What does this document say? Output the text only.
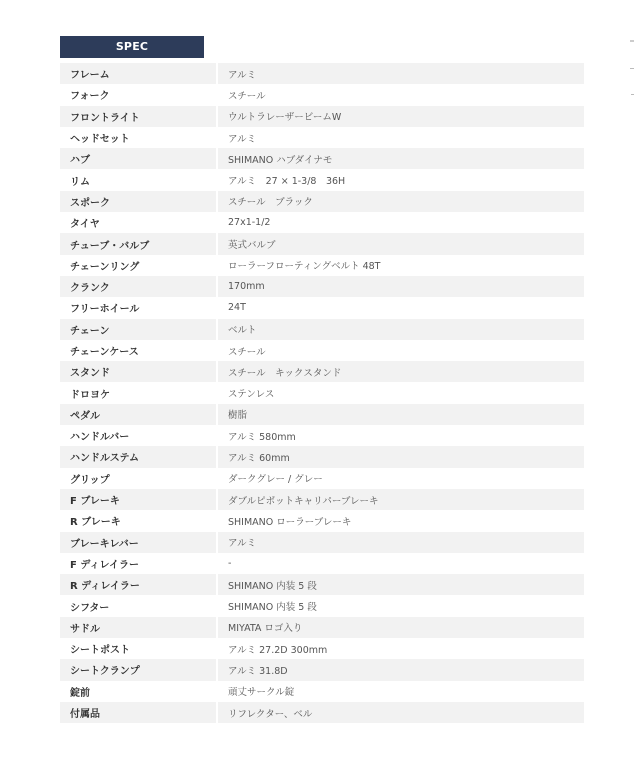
SPEC
フレーム	アルミ
フォーク	スチール
フロントライト	ウルトラレーザービームW
ヘッドセット	アルミ
ハブ	SHIMANO ハブダイナモ
リム	アルミ　27 × 1-3/8　36H
スポーク	スチール　ブラック
タイヤ	27x1-1/2
チューブ・バルブ	英式バルブ
チェーンリング	ローラーフローティングベルト 48T
クランク	170mm
フリーホイール	24T
チェーン	ベルト
チェーンケース	スチール
スタンド	スチール　キックスタンド
ドロヨケ	ステンレス
ペダル	樹脂
ハンドルバー	アルミ 580mm
ハンドルステム	アルミ 60mm
グリップ	ダークグレー / グレー
F ブレーキ	ダブルピボットキャリパーブレーキ
R ブレーキ	SHIMANO ローラーブレーキ
ブレーキレバー	アルミ
F ディレイラー	-
R ディレイラー	SHIMANO 内装 5 段
シフター	SHIMANO 内装 5 段
サドル	MIYATA ロゴ入り
シートポスト	アルミ 27.2D 300mm
シートクランプ	アルミ 31.8D
錠前	頑丈サークル錠
付属品	リフレクター、ベル
